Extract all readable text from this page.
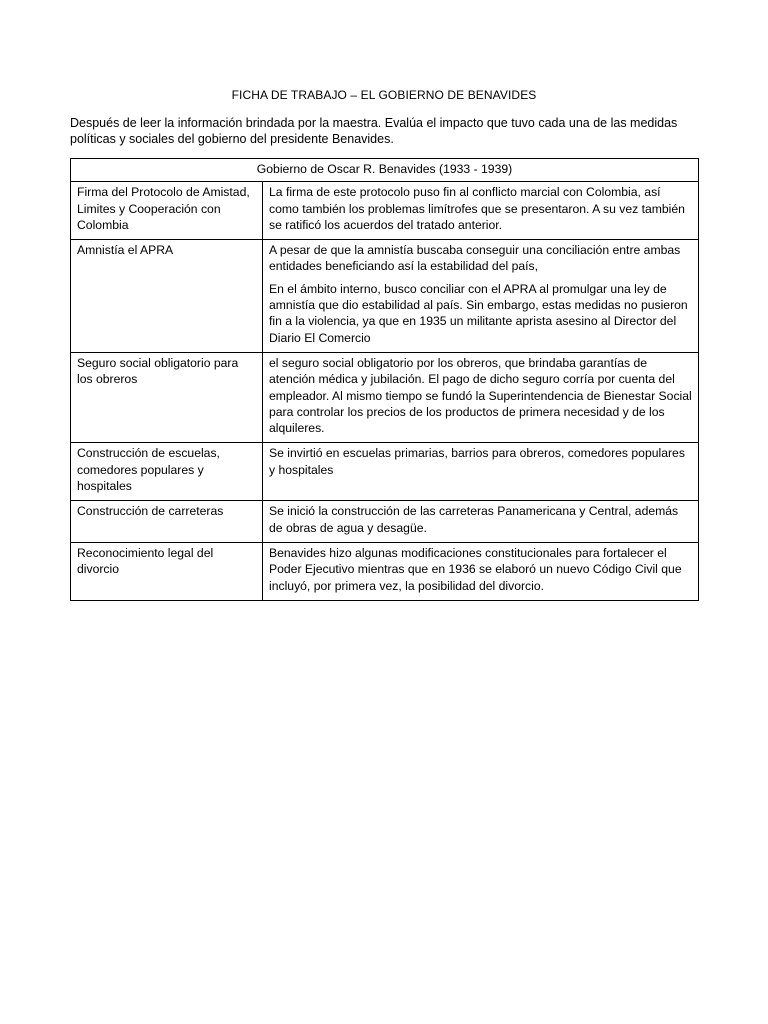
FICHA DE TRABAJO – EL GOBIERNO DE BENAVIDES
Después de leer la información brindada por la maestra. Evalúa el impacto que tuvo cada una de las medidas políticas y sociales del gobierno del presidente Benavides.
Gobierno de Oscar R. Benavides (1933 - 1939)	
Firma del Protocolo de Amistad, Limites y Cooperación con Colombia	La firma de este protocolo puso fin al conflicto marcial con Colombia, así como también los problemas limítrofes que se presentaron. A su vez también se ratificó los acuerdos del tratado anterior.

Amnistía el APRA	A pesar de que la amnistía buscaba conseguir una conciliación entre ambas entidades beneficiando así la estabilidad del país,

En el ámbito interno, busco conciliar con el APRA al promulgar una ley de amnistía que dio estabilidad al país. Sin embargo, estas medidas no pusieron fin a la violencia, ya que en 1935 un militante aprista asesino al Director del Diario El Comercio

Seguro social obligatorio para los obreros	el seguro social obligatorio por los obreros, que brindaba garantías de atención médica y jubilación. El pago de dicho seguro corría por cuenta del empleador. Al mismo tiempo se fundó la Superintendencia de Bienestar Social para controlar los precios de los productos de primera necesidad y de los alquileres.

Construcción de escuelas, comedores populares y hospitales	Se invirtió en escuelas primarias, barrios para obreros, comedores populares y hospitales

Construcción de carreteras	Se inició la construcción de las carreteras Panamericana y Central, además de obras de agua y desagüe.

Reconocimiento legal del divorcio	Benavides hizo algunas modificaciones constitucionales para fortalecer el Poder Ejecutivo mientras que en 1936 se elaboró un nuevo Código Civil que incluyó, por primera vez, la posibilidad del divorcio.
